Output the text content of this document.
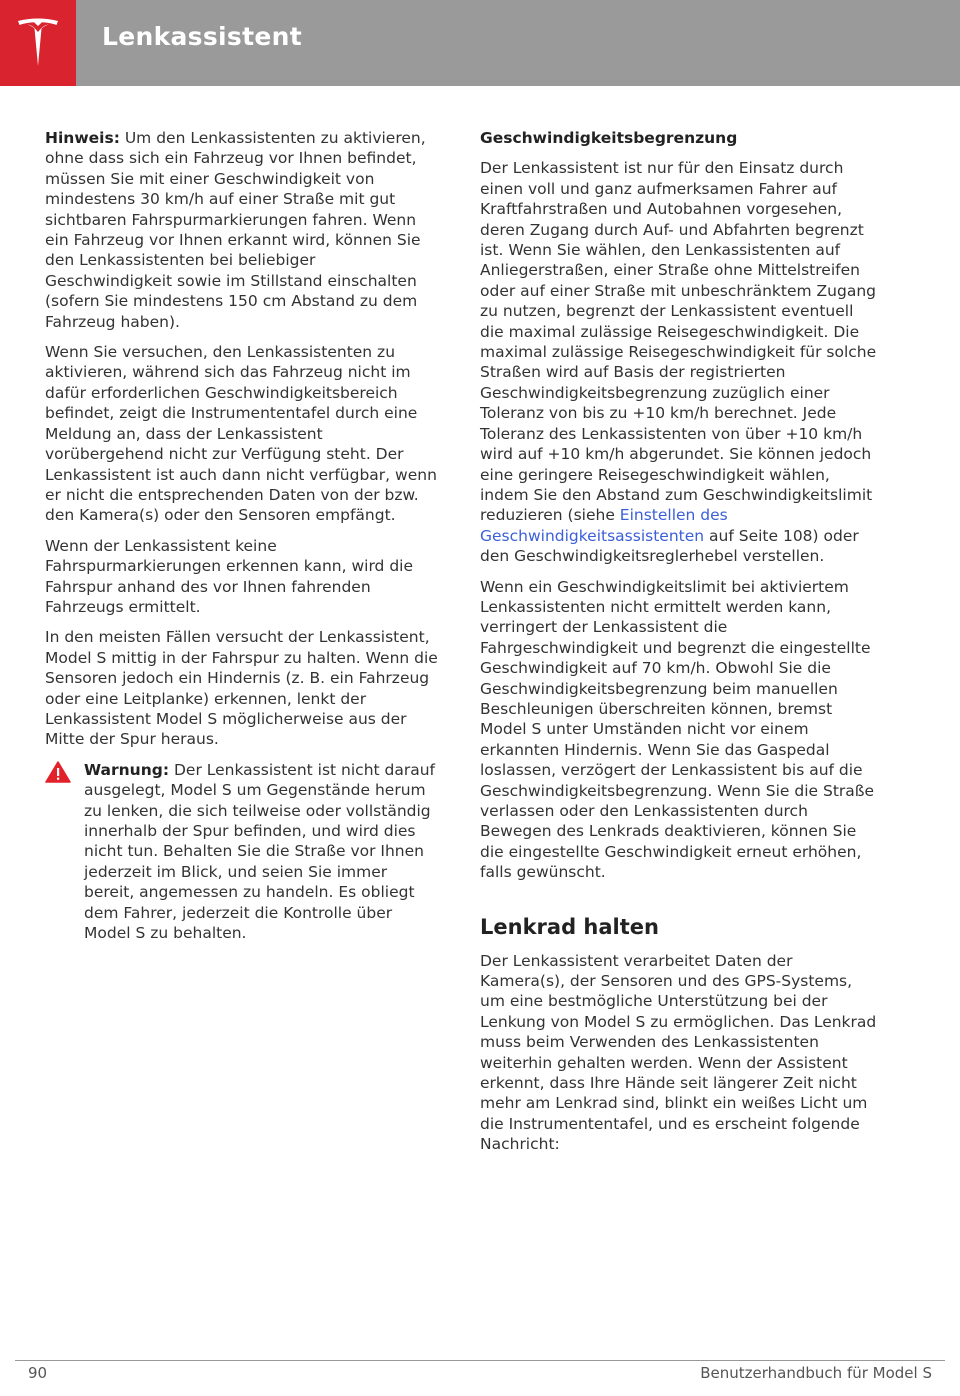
Lenkassistent

Hinweis: Um den Lenkassistenten zu aktivieren, ohne dass sich ein Fahrzeug vor Ihnen befindet, müssen Sie mit einer Geschwindigkeit von mindestens 30 km/h auf einer Straße mit gut sichtbaren Fahrspurmarkierungen fahren. Wenn ein Fahrzeug vor Ihnen erkannt wird, können Sie den Lenkassistenten bei beliebiger Geschwindigkeit sowie im Stillstand einschalten (sofern Sie mindestens 150 cm Abstand zu dem Fahrzeug haben).

Wenn Sie versuchen, den Lenkassistenten zu aktivieren, während sich das Fahrzeug nicht im dafür erforderlichen Geschwindigkeitsbereich befindet, zeigt die Instrumententafel durch eine Meldung an, dass der Lenkassistent vorübergehend nicht zur Verfügung steht. Der Lenkassistent ist auch dann nicht verfügbar, wenn er nicht die entsprechenden Daten von der bzw. den Kamera(s) oder den Sensoren empfängt.

Wenn der Lenkassistent keine Fahrspurmarkierungen erkennen kann, wird die Fahrspur anhand des vor Ihnen fahrenden Fahrzeugs ermittelt.

In den meisten Fällen versucht der Lenkassistent, Model S mittig in der Fahrspur zu halten. Wenn die Sensoren jedoch ein Hindernis (z. B. ein Fahrzeug oder eine Leitplanke) erkennen, lenkt der Lenkassistent Model S möglicherweise aus der Mitte der Spur heraus.

Warnung: Der Lenkassistent ist nicht darauf ausgelegt, Model S um Gegenstände herum zu lenken, die sich teilweise oder vollständig innerhalb der Spur befinden, und wird dies nicht tun. Behalten Sie die Straße vor Ihnen jederzeit im Blick, und seien Sie immer bereit, angemessen zu handeln. Es obliegt dem Fahrer, jederzeit die Kontrolle über Model S zu behalten.

Geschwindigkeitsbegrenzung

Der Lenkassistent ist nur für den Einsatz durch einen voll und ganz aufmerksamen Fahrer auf Kraftfahrstraßen und Autobahnen vorgesehen, deren Zugang durch Auf- und Abfahrten begrenzt ist. Wenn Sie wählen, den Lenkassistenten auf Anliegerstraßen, einer Straße ohne Mittelstreifen oder auf einer Straße mit unbeschränktem Zugang zu nutzen, begrenzt der Lenkassistent eventuell die maximal zulässige Reisegeschwindigkeit. Die maximal zulässige Reisegeschwindigkeit für solche Straßen wird auf Basis der registrierten Geschwindigkeitsbegrenzung zuzüglich einer Toleranz von bis zu +10 km/h berechnet. Jede Toleranz des Lenkassistenten von über +10 km/h wird auf +10 km/h abgerundet. Sie können jedoch eine geringere Reisegeschwindigkeit wählen, indem Sie den Abstand zum Geschwindigkeitslimit reduzieren (siehe Einstellen des Geschwindigkeitsassistenten auf Seite 108) oder den Geschwindigkeitsreglerhebel verstellen.

Wenn ein Geschwindigkeitslimit bei aktiviertem Lenkassistenten nicht ermittelt werden kann, verringert der Lenkassistent die Fahrgeschwindigkeit und begrenzt die eingestellte Geschwindigkeit auf 70 km/h. Obwohl Sie die Geschwindigkeitsbegrenzung beim manuellen Beschleunigen überschreiten können, bremst Model S unter Umständen nicht vor einem erkannten Hindernis. Wenn Sie das Gaspedal loslassen, verzögert der Lenkassistent bis auf die Geschwindigkeitsbegrenzung. Wenn Sie die Straße verlassen oder den Lenkassistenten durch Bewegen des Lenkrads deaktivieren, können Sie die eingestellte Geschwindigkeit erneut erhöhen, falls gewünscht.

Lenkrad halten

Der Lenkassistent verarbeitet Daten der Kamera(s), der Sensoren und des GPS-Systems, um eine bestmögliche Unterstützung bei der Lenkung von Model S zu ermöglichen. Das Lenkrad muss beim Verwenden des Lenkassistenten weiterhin gehalten werden. Wenn der Assistent erkennt, dass Ihre Hände seit längerer Zeit nicht mehr am Lenkrad sind, blinkt ein weißes Licht um die Instrumententafel, und es erscheint folgende Nachricht:

90	Benutzerhandbuch für Model S
